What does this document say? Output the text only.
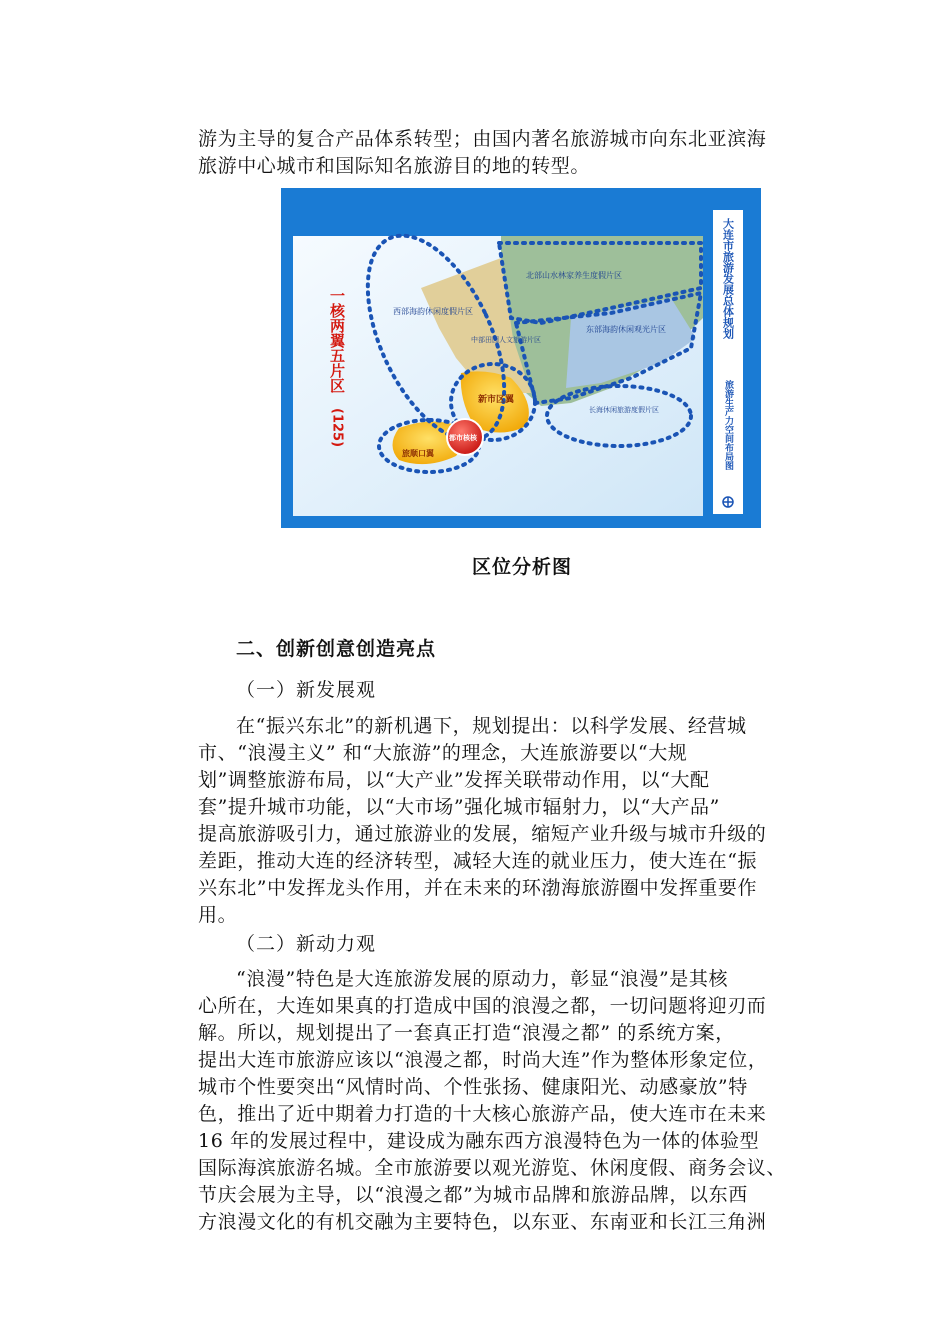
游为主导的复合产品体系转型；由国内著名旅游城市向东北亚滨海
旅游中心城市和国际知名旅游目的地的转型。
北部山水林家养生度假片区
西部海韵休闲度假片区
中部田园人文旅游片区
东部海韵休闲观光片区
长海休闲旅游度假片区
新市区翼
都市核核
旅顺口翼
一核两翼五片区
(125)
大连市旅游发展总体规划
旅游生产力空间布局图
区位分析图
二、创新创意创造亮点

（一）新发展观

在“振兴东北”的新机遇下，规划提出：以科学发展、经营城
市、“浪漫主义” 和“大旅游”的理念，大连旅游要以“大规
划”调整旅游布局，以“大产业”发挥关联带动作用，以“大配
套”提升城市功能，以“大市场”强化城市辐射力，以“大产品”
提高旅游吸引力，通过旅游业的发展，缩短产业升级与城市升级的
差距，推动大连的经济转型，减轻大连的就业压力，使大连在“振
兴东北”中发挥龙头作用，并在未来的环渤海旅游圈中发挥重要作
用。

（二）新动力观

“浪漫”特色是大连旅游发展的原动力，彰显“浪漫”是其核
心所在，大连如果真的打造成中国的浪漫之都，一切问题将迎刃而
解。所以，规划提出了一套真正打造“浪漫之都” 的系统方案，
提出大连市旅游应该以“浪漫之都，时尚大连”作为整体形象定位，
城市个性要突出“风情时尚、个性张扬、健康阳光、动感豪放”特
色，推出了近中期着力打造的十大核心旅游产品，使大连市在未来
16 年的发展过程中，建设成为融东西方浪漫特色为一体的体验型
国际海滨旅游名城。全市旅游要以观光游览、休闲度假、商务会议、
节庆会展为主导，以“浪漫之都”为城市品牌和旅游品牌，以东西
方浪漫文化的有机交融为主要特色，以东亚、东南亚和长江三角洲
